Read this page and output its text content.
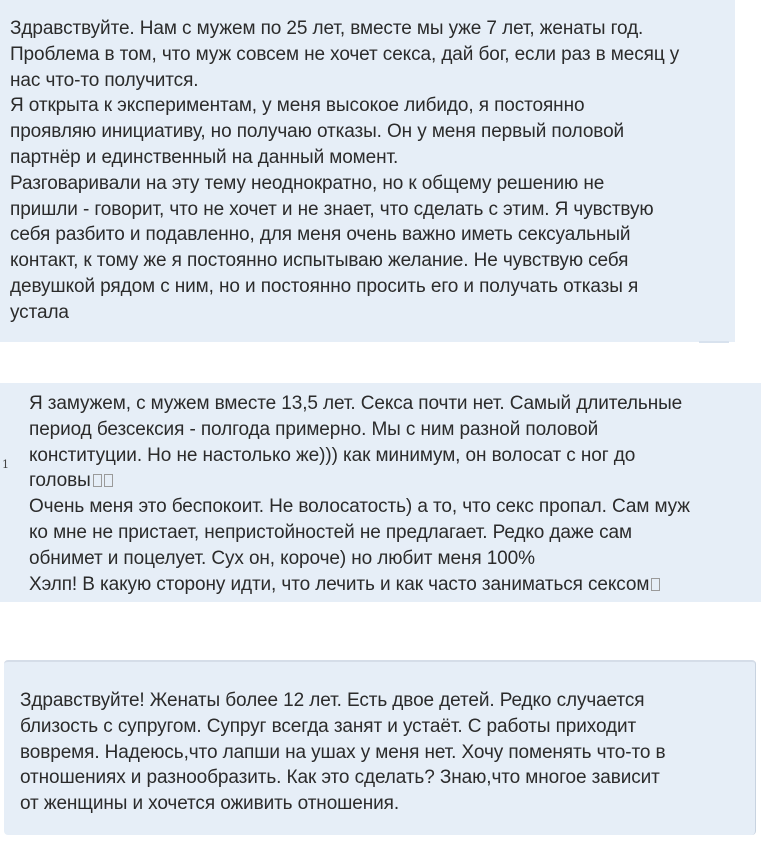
Здравствуйте. Нам с мужем по 25 лет, вместе мы уже 7 лет, женаты год.

Проблема в том, что муж совсем не хочет секса, дай бог, если раз в месяц у

нас что-то получится.

Я открыта к экспериментам, у меня высокое либидо, я постоянно

проявляю инициативу, но получаю отказы. Он у меня первый половой

партнёр и единственный на данный момент.

Разговаривали на эту тему неоднократно, но к общему решению не

пришли - говорит, что не хочет и не знает, что сделать с этим. Я чувствую

себя разбито и подавленно, для меня очень важно иметь сексуальный

контакт, к тому же я постоянно испытываю желание. Не чувствую себя

девушкой рядом с ним, но и постоянно просить его и получать отказы я

устала

1

Я замужем, с мужем вместе 13,5 лет. Секса почти нет. Самый длительные

период безсексия - полгода примерно. Мы с ним разной половой

конституции. Но не настолько же))) как минимум, он волосат с ног до

головы

Очень меня это беспокоит. Не волосатость) а то, что секс пропал. Сам муж

ко мне не пристает, непристойностей не предлагает. Редко даже сам

обнимет и поцелует. Сух он, короче) но любит меня 100%

Хэлп! В какую сторону идти, что лечить и как часто заниматься сексом

Здравствуйте! Женаты более 12 лет. Есть двое детей. Редко случается

близость с супругом. Супруг всегда занят и устаёт. С работы приходит

вовремя. Надеюсь,что лапши на ушах у меня нет. Хочу поменять что-то в

отношениях и разнообразить. Как это сделать? Знаю,что многое зависит

от женщины и хочется оживить отношения.
